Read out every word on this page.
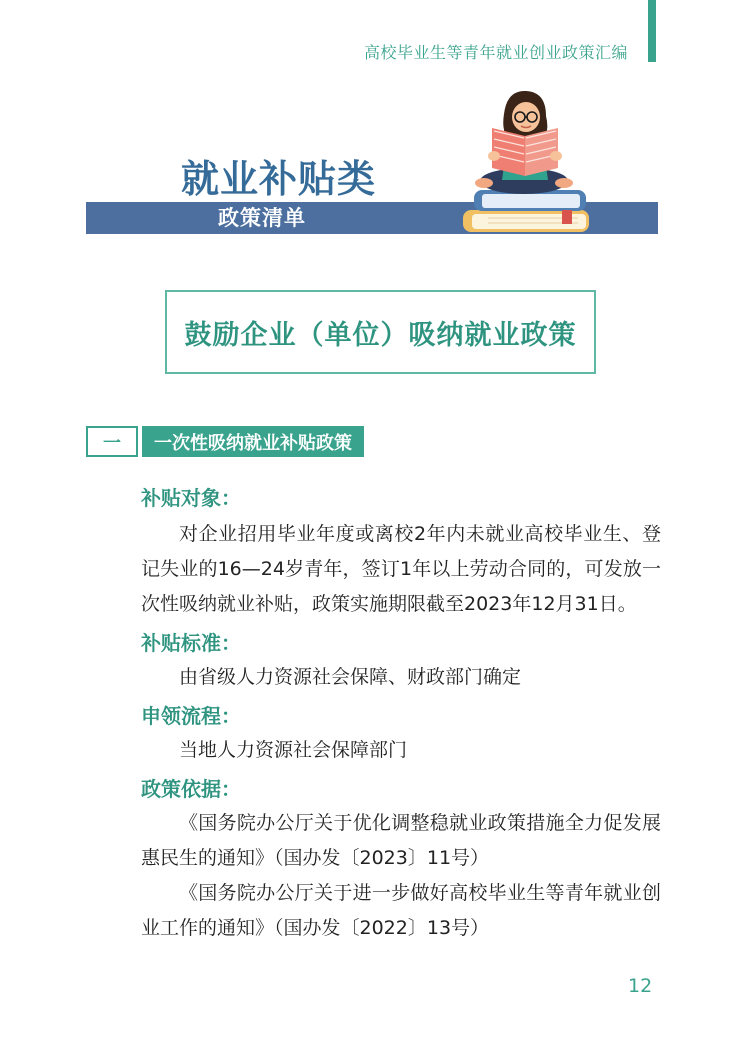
高校毕业生等青年就业创业政策汇编
就业补贴类
政策清单
鼓励企业（单位）吸纳就业政策
一	一次性吸纳就业补贴政策

补贴对象：

对企业招用毕业年度或离校2年内未就业高校毕业生、登记失业的16—24岁青年，签订1年以上劳动合同的，可发放一次性吸纳就业补贴，政策实施期限截至2023年12月31日。

补贴标准：

由省级人力资源社会保障、财政部门确定

申领流程：

当地人力资源社会保障部门

政策依据：

《国务院办公厅关于优化调整稳就业政策措施全力促发展惠民生的通知》（国办发〔2023〕11号）

《国务院办公厅关于进一步做好高校毕业生等青年就业创业工作的通知》（国办发〔2022〕13号）

12
